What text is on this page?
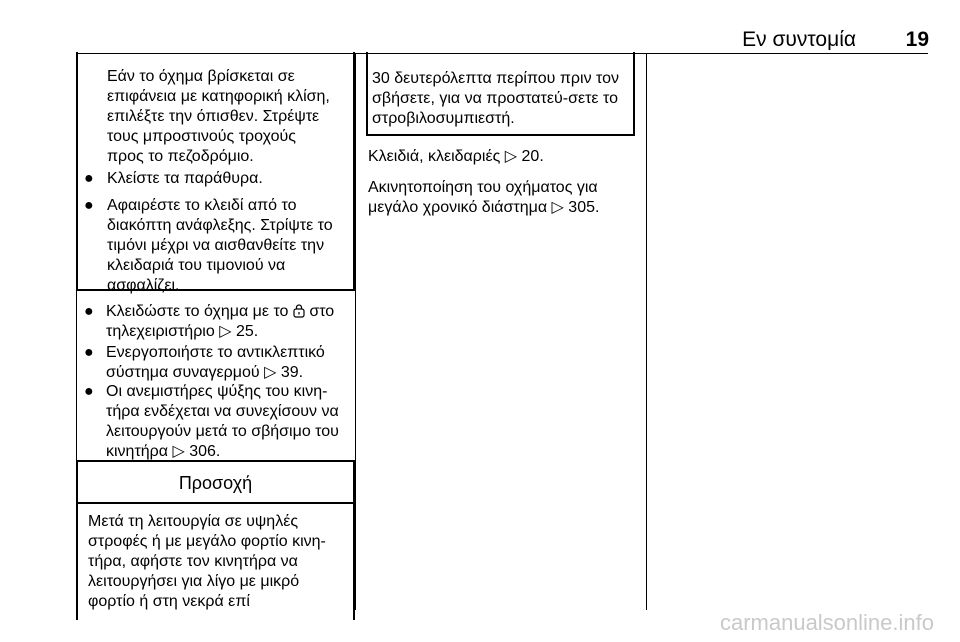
Εν συντομία 19
Εάν το όχημα βρίσκεται σε
επιφάνεια με κατηφορική κλίση,
επιλέξτε την όπισθεν. Στρέψτε
τους μπροστινούς τροχούς
προς το πεζοδρόμιο.
● Κλείστε τα παράθυρα.
● Αφαιρέστε το κλειδί από το διακόπτη ανάφλεξης. Στρίψτε το τιμόνι μέχρι να αισθανθείτε την κλειδαριά του τιμονιού να ασφαλίζει.
● Κλειδώστε το όχημα με το  στο τηλεχειριστήριο ▷ 25.
● Ενεργοποιήστε το αντικλεπτικό σύστημα συναγερμού ▷ 39.
● Οι ανεμιστήρες ψύξης του κινη‐τήρα ενδέχεται να συνεχίσουν να λειτουργούν μετά το σβήσιμο του κινητήρα ▷ 306.
Προσοχή
Μετά τη λειτουργία σε υψηλές στροφές ή με μεγάλο φορτίο κινη‐τήρα, αφήστε τον κινητήρα να λειτουργήσει για λίγο με μικρό φορτίο ή στη νεκρά επί
30 δευτερόλεπτα περίπου πριν τον σβήσετε, για να προστατεύ‐σετε το στροβιλοσυμπιεστή.
Κλειδιά, κλειδαριές ▷ 20.
Ακινητοποίηση του οχήματος για μεγάλο χρονικό διάστημα ▷ 305.
carmanualsonline.info
